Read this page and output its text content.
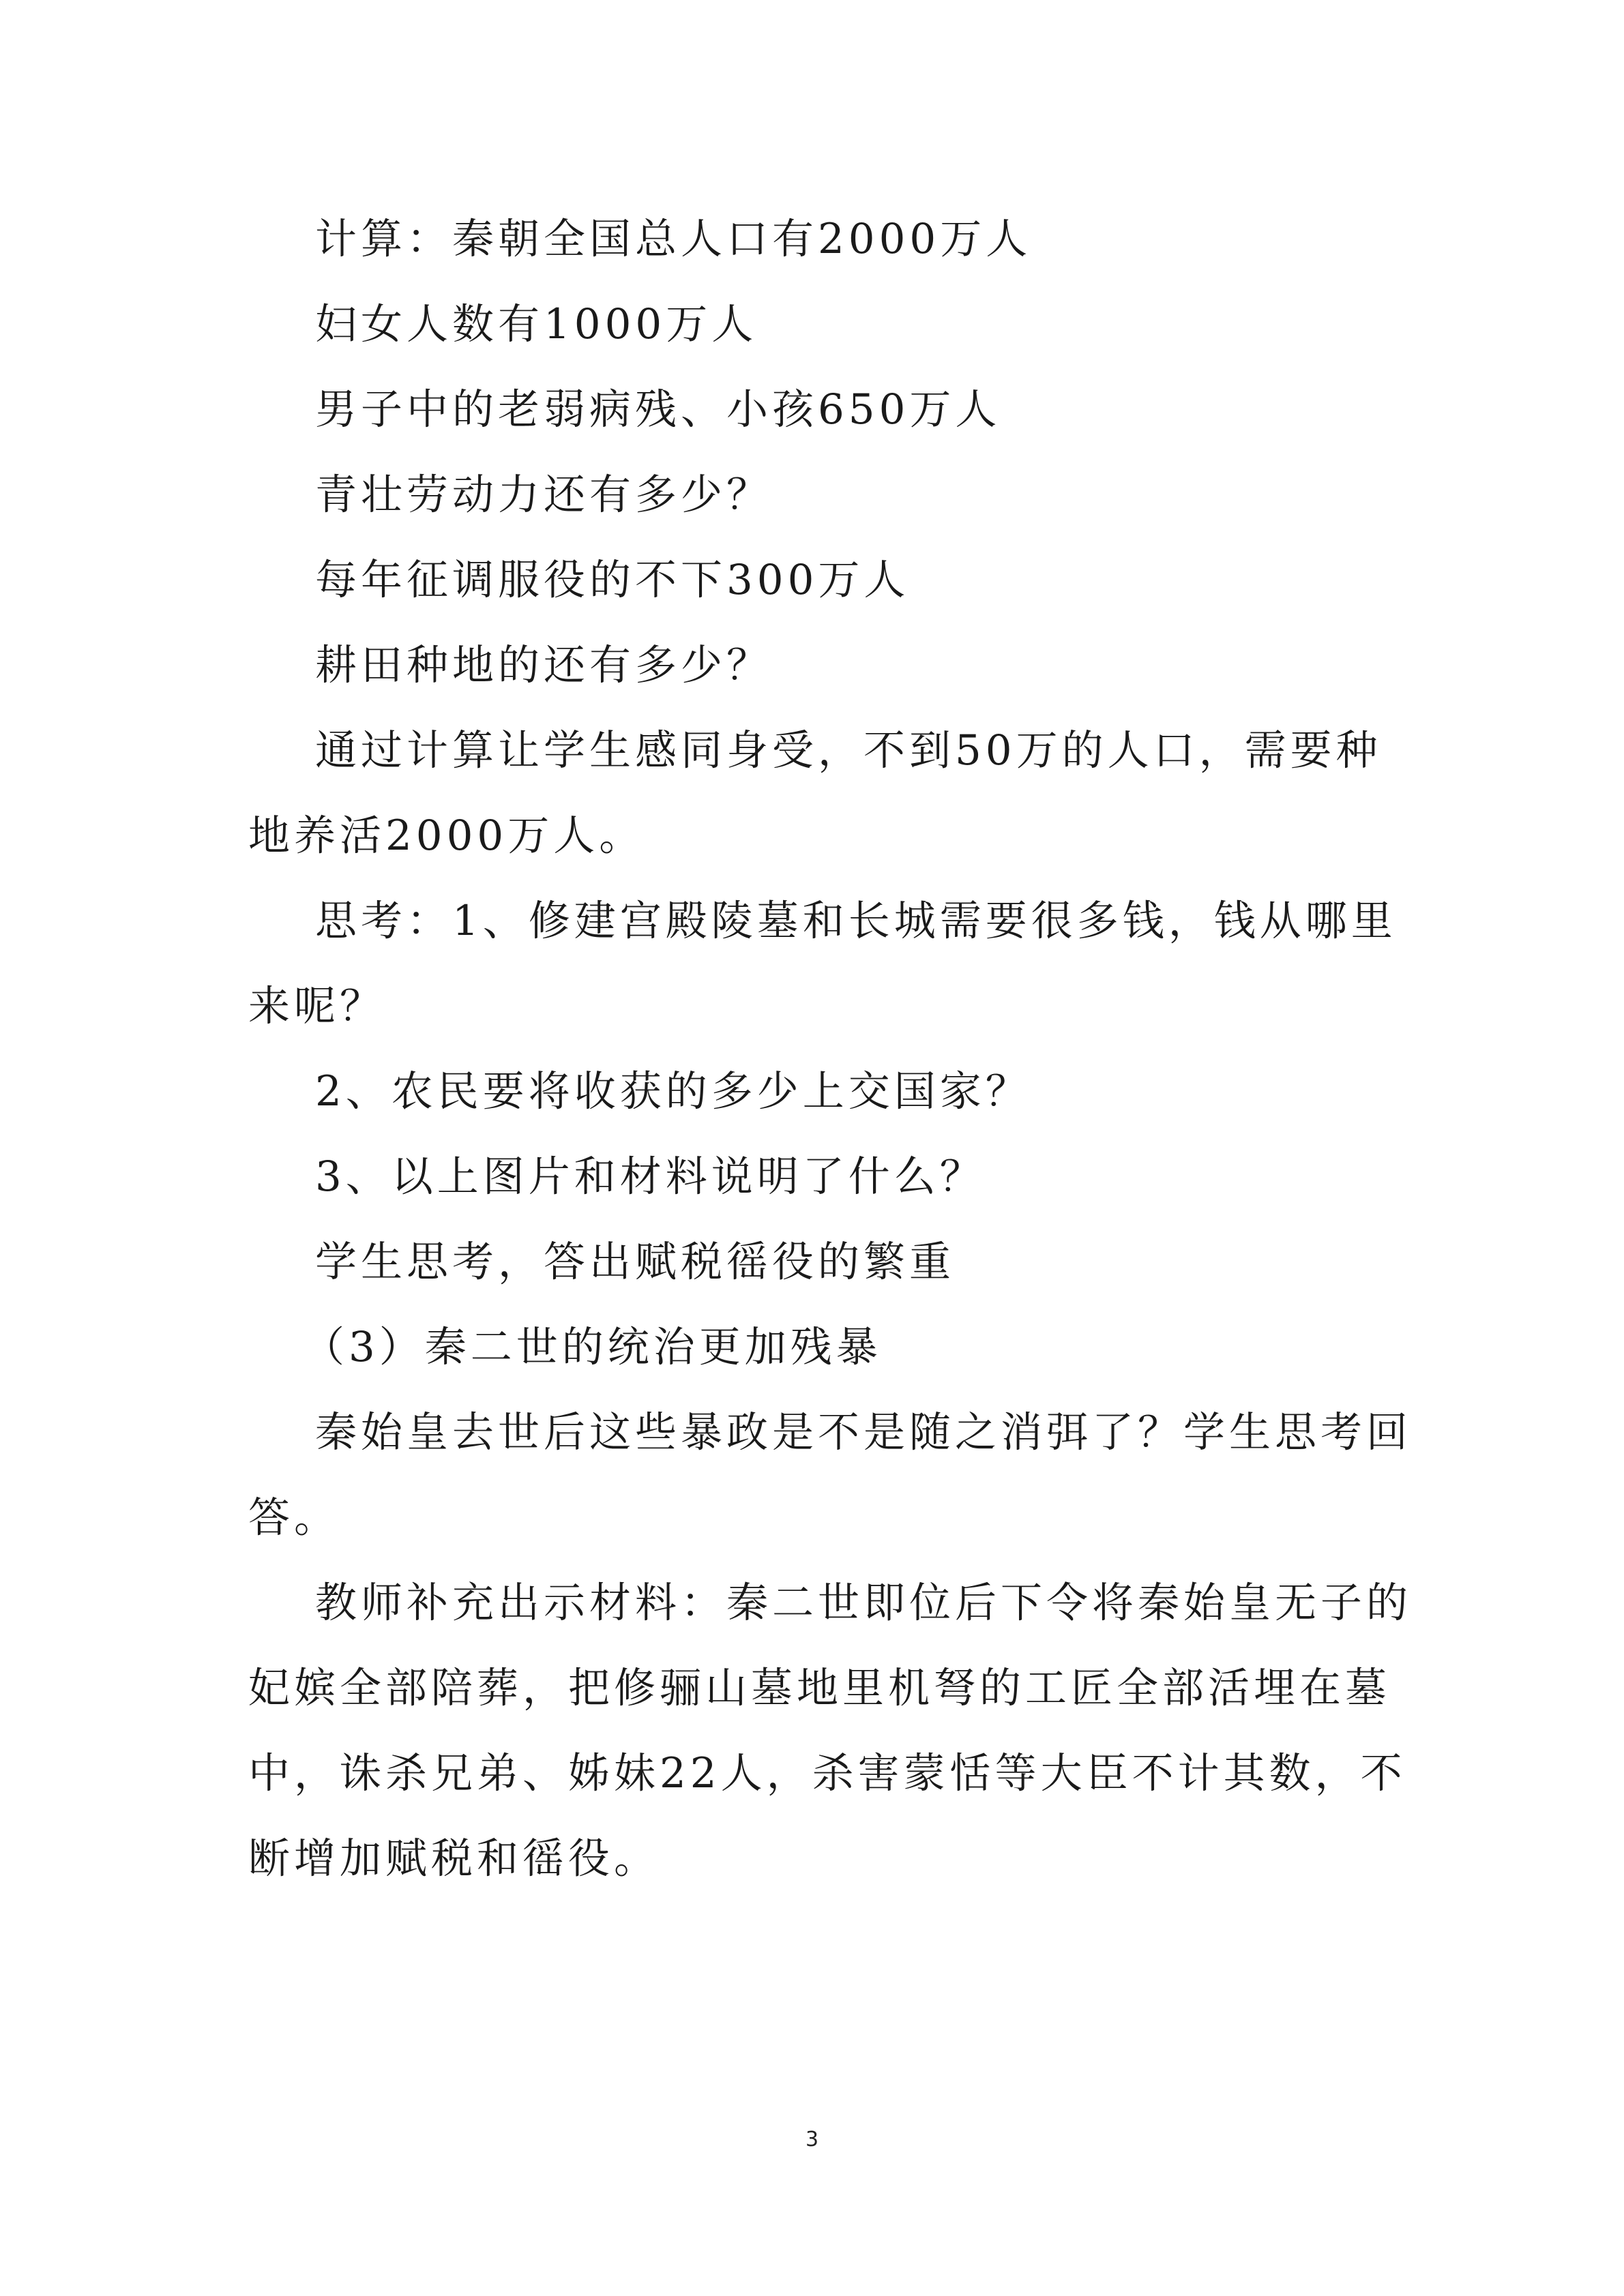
计算：秦朝全国总人口有2000万人
妇女人数有1000万人
男子中的老弱病残、小孩650万人
青壮劳动力还有多少？
每年征调服役的不下300万人
耕田种地的还有多少？
通过计算让学生感同身受，不到50万的人口，需要种
地养活2000万人。
思考：1、修建宫殿陵墓和长城需要很多钱，钱从哪里
来呢？
2、农民要将收获的多少上交国家？
3、以上图片和材料说明了什么？
学生思考，答出赋税徭役的繁重
（3）秦二世的统治更加残暴
秦始皇去世后这些暴政是不是随之消弭了？学生思考回
答。
教师补充出示材料：秦二世即位后下令将秦始皇无子的
妃嫔全部陪葬，把修骊山墓地里机弩的工匠全部活埋在墓
中，诛杀兄弟、姊妹22人，杀害蒙恬等大臣不计其数，不
断增加赋税和徭役。
3
